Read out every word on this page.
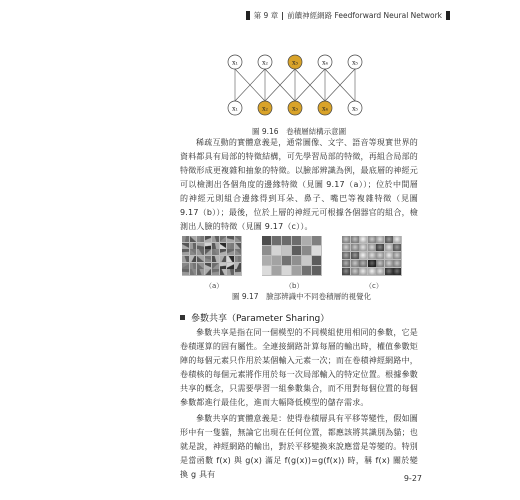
第 9 章 前饋神經網路 Feedforward Neural Network
x₁	x₂	x₃	x₄	x₅
x₁	x₂	x₃	x₄	x₅
圖 9.16　卷積層結構示意圖

稀疏互動的實體意義是，通常圖像、文字、語音等現實世界的資料都具有局部的特徵結構，可先學習局部的特徵，再組合局部的特徵形成更複雜和抽象的特徵。以臉部辨識為例，最底層的神經元可以檢測出各個角度的邊緣特徵（見圖 9.17（a））；位於中間層的神經元則組合邊緣得到耳朵、鼻子、嘴巴等複雜特徵（見圖 9.17（b））；最後，位於上層的神經元可根據各個器官的組合，檢測出人臉的特徵（見圖 9.17（c））。

（a）	（b）	（c）
圖 9.17　臉部辨識中不同卷積層的視覺化
參數共享（Parameter Sharing）

參數共享是指在同一個模型的不同模組使用相同的參數，它是卷積運算的固有屬性。全連接網路計算每層的輸出時，權值參數矩陣的每個元素只作用於某個輸入元素一次；而在卷積神經網路中，卷積核的每個元素將作用於每一次局部輸入的特定位置。根據參數共享的概念，只需要學習一組參數集合，而不用對每個位置的每個參數都進行最佳化，進而大幅降低模型的儲存需求。

參數共享的實體意義是：使得卷積層具有平移等變性，假如圖形中有一隻貓，無論它出現在任何位置，都應該將其識別為貓；也就是說，神經網路的輸出，對於平移變換來說應當是等變的。特別是當函數 f(x) 與 g(x) 滿足 f(g(x))=g(f(x)) 時，稱 f(x) 關於變換 g 具有	9-27
